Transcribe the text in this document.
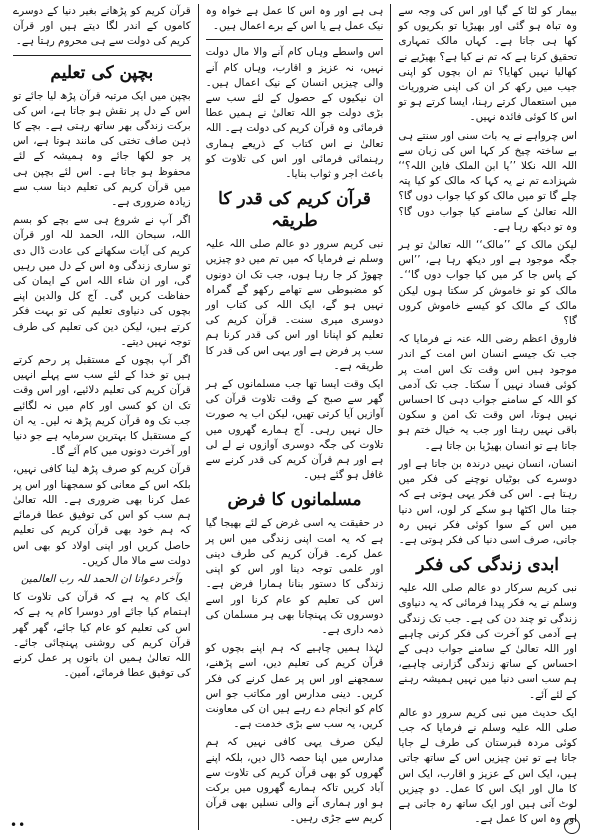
بیمار کو لٹا کے گیا اور اس کی وجہ سے وہ تباہ ہو گئی اور بھیڑیا تو بکریوں کو کھا ہی جاتا ہے۔ کہاں مالک تمہاری تحقیق کرتا ہے کہ تم نے کیا ہے؟ بھیڑیے نے کھالیا نہیں کھایا؟ تم ان بچوں کو اپنی جیب میں رکھ کر ان کی اپنی ضروریات میں استعمال کرتے رہنا، ایسا کرتے ہو تو اس کا کوئی فائدہ نہیں۔

اس چرواہے نے یہ بات سنی اور سنتے ہی بے ساختہ چیخ کر کہا اس کی زبان سے اللہ اللہ نکلا ’’یا ابن الملک فاین اللہ؟‘‘ شہزادے تم نے یہ کہا کہ مالک کو کیا پتہ چلے گا تو میں مالک کو کیا جواب دوں گا؟ اللہ تعالیٰ کے سامنے کیا جواب دوں گا؟ وہ تو دیکھ رہا ہے۔

لیکن مالک کے ’’مالک‘‘ اللہ تعالیٰ تو ہر جگہ موجود ہے اور دیکھ رہا ہے، ’’اس کے پاس جا کر میں کیا جواب دوں گا‘‘۔ مالک کو تو خاموش کر سکتا ہوں لیکن مالک کے مالک کو کیسے خاموش کروں گا؟

فاروق اعظم رضی اللہ عنہ نے فرمایا کہ جب تک جیسے انسان اس امت کے اندر موجود ہیں اس وقت تک اس امت پر کوئی فساد نہیں آ سکتا۔ جب تک آدمی کو اللہ کے سامنے جواب دہی کا احساس نہیں ہوتا، اس وقت تک امن و سکون باقی نہیں رہتا اور جب یہ خیال ختم ہو جاتا ہے تو انسان بھیڑیا بن جاتا ہے۔

انسان، انسان نہیں درندہ بن جاتا ہے اور دوسرے کی بوٹیاں نوچنے کی فکر میں رہتا ہے۔ اس کی فکر یہی ہوتی ہے کہ جتنا مال اکٹھا ہو سکے کر لوں، اس دنیا میں اس کے سوا کوئی فکر نہیں رہ جاتی، صرف اسی دنیا کی فکر ہوتی ہے۔

ابدی زندگی کی فکر

نبی کریم سرکار دو عالم صلی اللہ علیہ وسلم نے یہ فکر پیدا فرمائی کہ یہ دنیاوی زندگی تو چند دن کی ہے۔ جب تک زندگی ہے آدمی کو آخرت کی فکر کرنی چاہیے اور اللہ تعالیٰ کے سامنے جواب دہی کے احساس کے ساتھ زندگی گزارنی چاہیے، ہم سب اسی دنیا میں نہیں ہمیشہ رہنے کے لئے آئے۔

ایک حدیث میں نبی کریم سرور دو عالم صلی اللہ علیہ وسلم نے فرمایا کہ جب کوئی مردہ قبرستان کی طرف لے جایا جاتا ہے تو تین چیزیں اس کے ساتھ جاتی ہیں، ایک اس کے عزیز و اقارب، ایک اس کا مال اور ایک اس کا عمل۔ دو چیزیں لوٹ آتی ہیں اور ایک ساتھ رہ جاتی ہے اور وہ اس کا عمل ہے۔

ہی ہے اور وہ اس کا عمل ہے خواہ وہ نیک عمل ہے یا اس کے برے اعمال ہیں۔

اس واسطے وہاں کام آنے والا مال دولت نہیں، نہ عزیز و اقارب، وہاں کام آنے والی چیزیں انسان کے نیک اعمال ہیں۔ ان نیکیوں کے حصول کے لئے سب سے بڑی دولت جو اللہ تعالیٰ نے ہمیں عطا فرمائی وہ قرآن کریم کی دولت ہے۔ اللہ تعالیٰ نے اس کتاب کے ذریعے ہماری رہنمائی فرمائی اور اس کی تلاوت کو باعث اجر و ثواب بنایا۔

قرآن کریم کی قدر کا طریقہ

نبی کریم سرور دو عالم صلی اللہ علیہ وسلم نے فرمایا کہ میں تم میں دو چیزیں چھوڑ کر جا رہا ہوں، جب تک ان دونوں کو مضبوطی سے تھامے رکھو گے گمراہ نہیں ہو گے، ایک اللہ کی کتاب اور دوسری میری سنت۔ قرآن کریم کی تعلیم کو اپنانا اور اس کی قدر کرنا ہم سب پر فرض ہے اور یہی اس کی قدر کا طریقہ ہے۔

ایک وقت ایسا تھا جب مسلمانوں کے ہر گھر سے صبح کے وقت تلاوت قرآن کی آوازیں آیا کرتی تھیں، لیکن اب یہ صورت حال نہیں رہی۔ آج ہمارے گھروں میں تلاوت کی جگہ دوسری آوازوں نے لے لی ہے اور ہم قرآن کریم کی قدر کرنے سے غافل ہو گئے ہیں۔

مسلمانوں کا فرض

در حقیقت یہ اسی غرض کے لئے بھیجا گیا ہے کہ یہ امت اپنی زندگی میں اس پر عمل کرے۔ قرآن کریم کی طرف دینی اور علمی توجہ دینا اور اس کو اپنی زندگی کا دستور بنانا ہمارا فرض ہے۔ اس کی تعلیم کو عام کرنا اور اسے دوسروں تک پہنچانا بھی ہر مسلمان کی ذمہ داری ہے۔

لہٰذا ہمیں چاہیے کہ ہم اپنے بچوں کو قرآن کریم کی تعلیم دیں، اسے پڑھنے، سمجھنے اور اس پر عمل کرنے کی فکر کریں۔ دینی مدارس اور مکاتب جو اس کام کو انجام دے رہے ہیں ان کی معاونت کریں، یہ سب سے بڑی خدمت ہے۔

لیکن صرف یہی کافی نہیں کہ ہم مدارس میں اپنا حصہ ڈال دیں، بلکہ اپنے گھروں کو بھی قرآن کریم کی تلاوت سے آباد کریں تاکہ ہمارے گھروں میں برکت ہو اور ہماری آنے والی نسلیں بھی قرآن کریم سے جڑی رہیں۔

قرآن کریم کو پڑھانے بغیر دنیا کے دوسرے کاموں کے اندر لگا دیتے ہیں اور قرآن کریم کی دولت سے ہی محروم رہتا ہے۔

بچپن کی تعلیم

بچپن میں ایک مرتبہ قرآن پڑھ لیا جائے تو اس کے دل پر نقش ہو جاتا ہے، اس کی برکت زندگی بھر ساتھ رہتی ہے۔ بچے کا ذہن صاف تختی کی مانند ہوتا ہے، اس پر جو لکھا جائے وہ ہمیشہ کے لئے محفوظ ہو جاتا ہے۔ اس لئے بچپن ہی میں قرآن کریم کی تعلیم دینا سب سے زیادہ ضروری ہے۔

اگر آپ نے شروع ہی سے بچے کو بسم اللہ، سبحان اللہ، الحمد للہ اور قرآن کریم کی آیات سکھانے کی عادت ڈال دی تو ساری زندگی وہ اس کے دل میں رہیں گی، اور ان شاء اللہ اس کے ایمان کی حفاظت کریں گی۔ آج کل والدین اپنے بچوں کی دنیاوی تعلیم کی تو بہت فکر کرتے ہیں، لیکن دین کی تعلیم کی طرف توجہ نہیں دیتے۔

اگر آپ بچوں کے مستقبل پر رحم کرتے ہیں تو خدا کے لئے سب سے پہلے انہیں قرآن کریم کی تعلیم دلائیے، اور اس وقت تک ان کو کسی اور کام میں نہ لگائیے جب تک وہ قرآن کریم پڑھ نہ لیں۔ یہ ان کے مستقبل کا بہترین سرمایہ ہے جو دنیا اور آخرت دونوں میں کام آئے گا۔

قرآن کریم کو صرف پڑھ لینا کافی نہیں، بلکہ اس کے معانی کو سمجھنا اور اس پر عمل کرنا بھی ضروری ہے۔ اللہ تعالیٰ ہم سب کو اس کی توفیق عطا فرمائے کہ ہم خود بھی قرآن کریم کی تعلیم حاصل کریں اور اپنی اولاد کو بھی اس دولت سے مالا مال کریں۔

وآخر دعوانا ان الحمد للہ رب العالمین

ایک کام یہ ہے کہ قرآن کی تلاوت کا اہتمام کیا جائے اور دوسرا کام یہ ہے کہ اس کی تعلیم کو عام کیا جائے، گھر گھر قرآن کریم کی روشنی پہنچائی جائے۔ اللہ تعالیٰ ہمیں ان باتوں پر عمل کرنے کی توفیق عطا فرمائے، آمین۔

••
